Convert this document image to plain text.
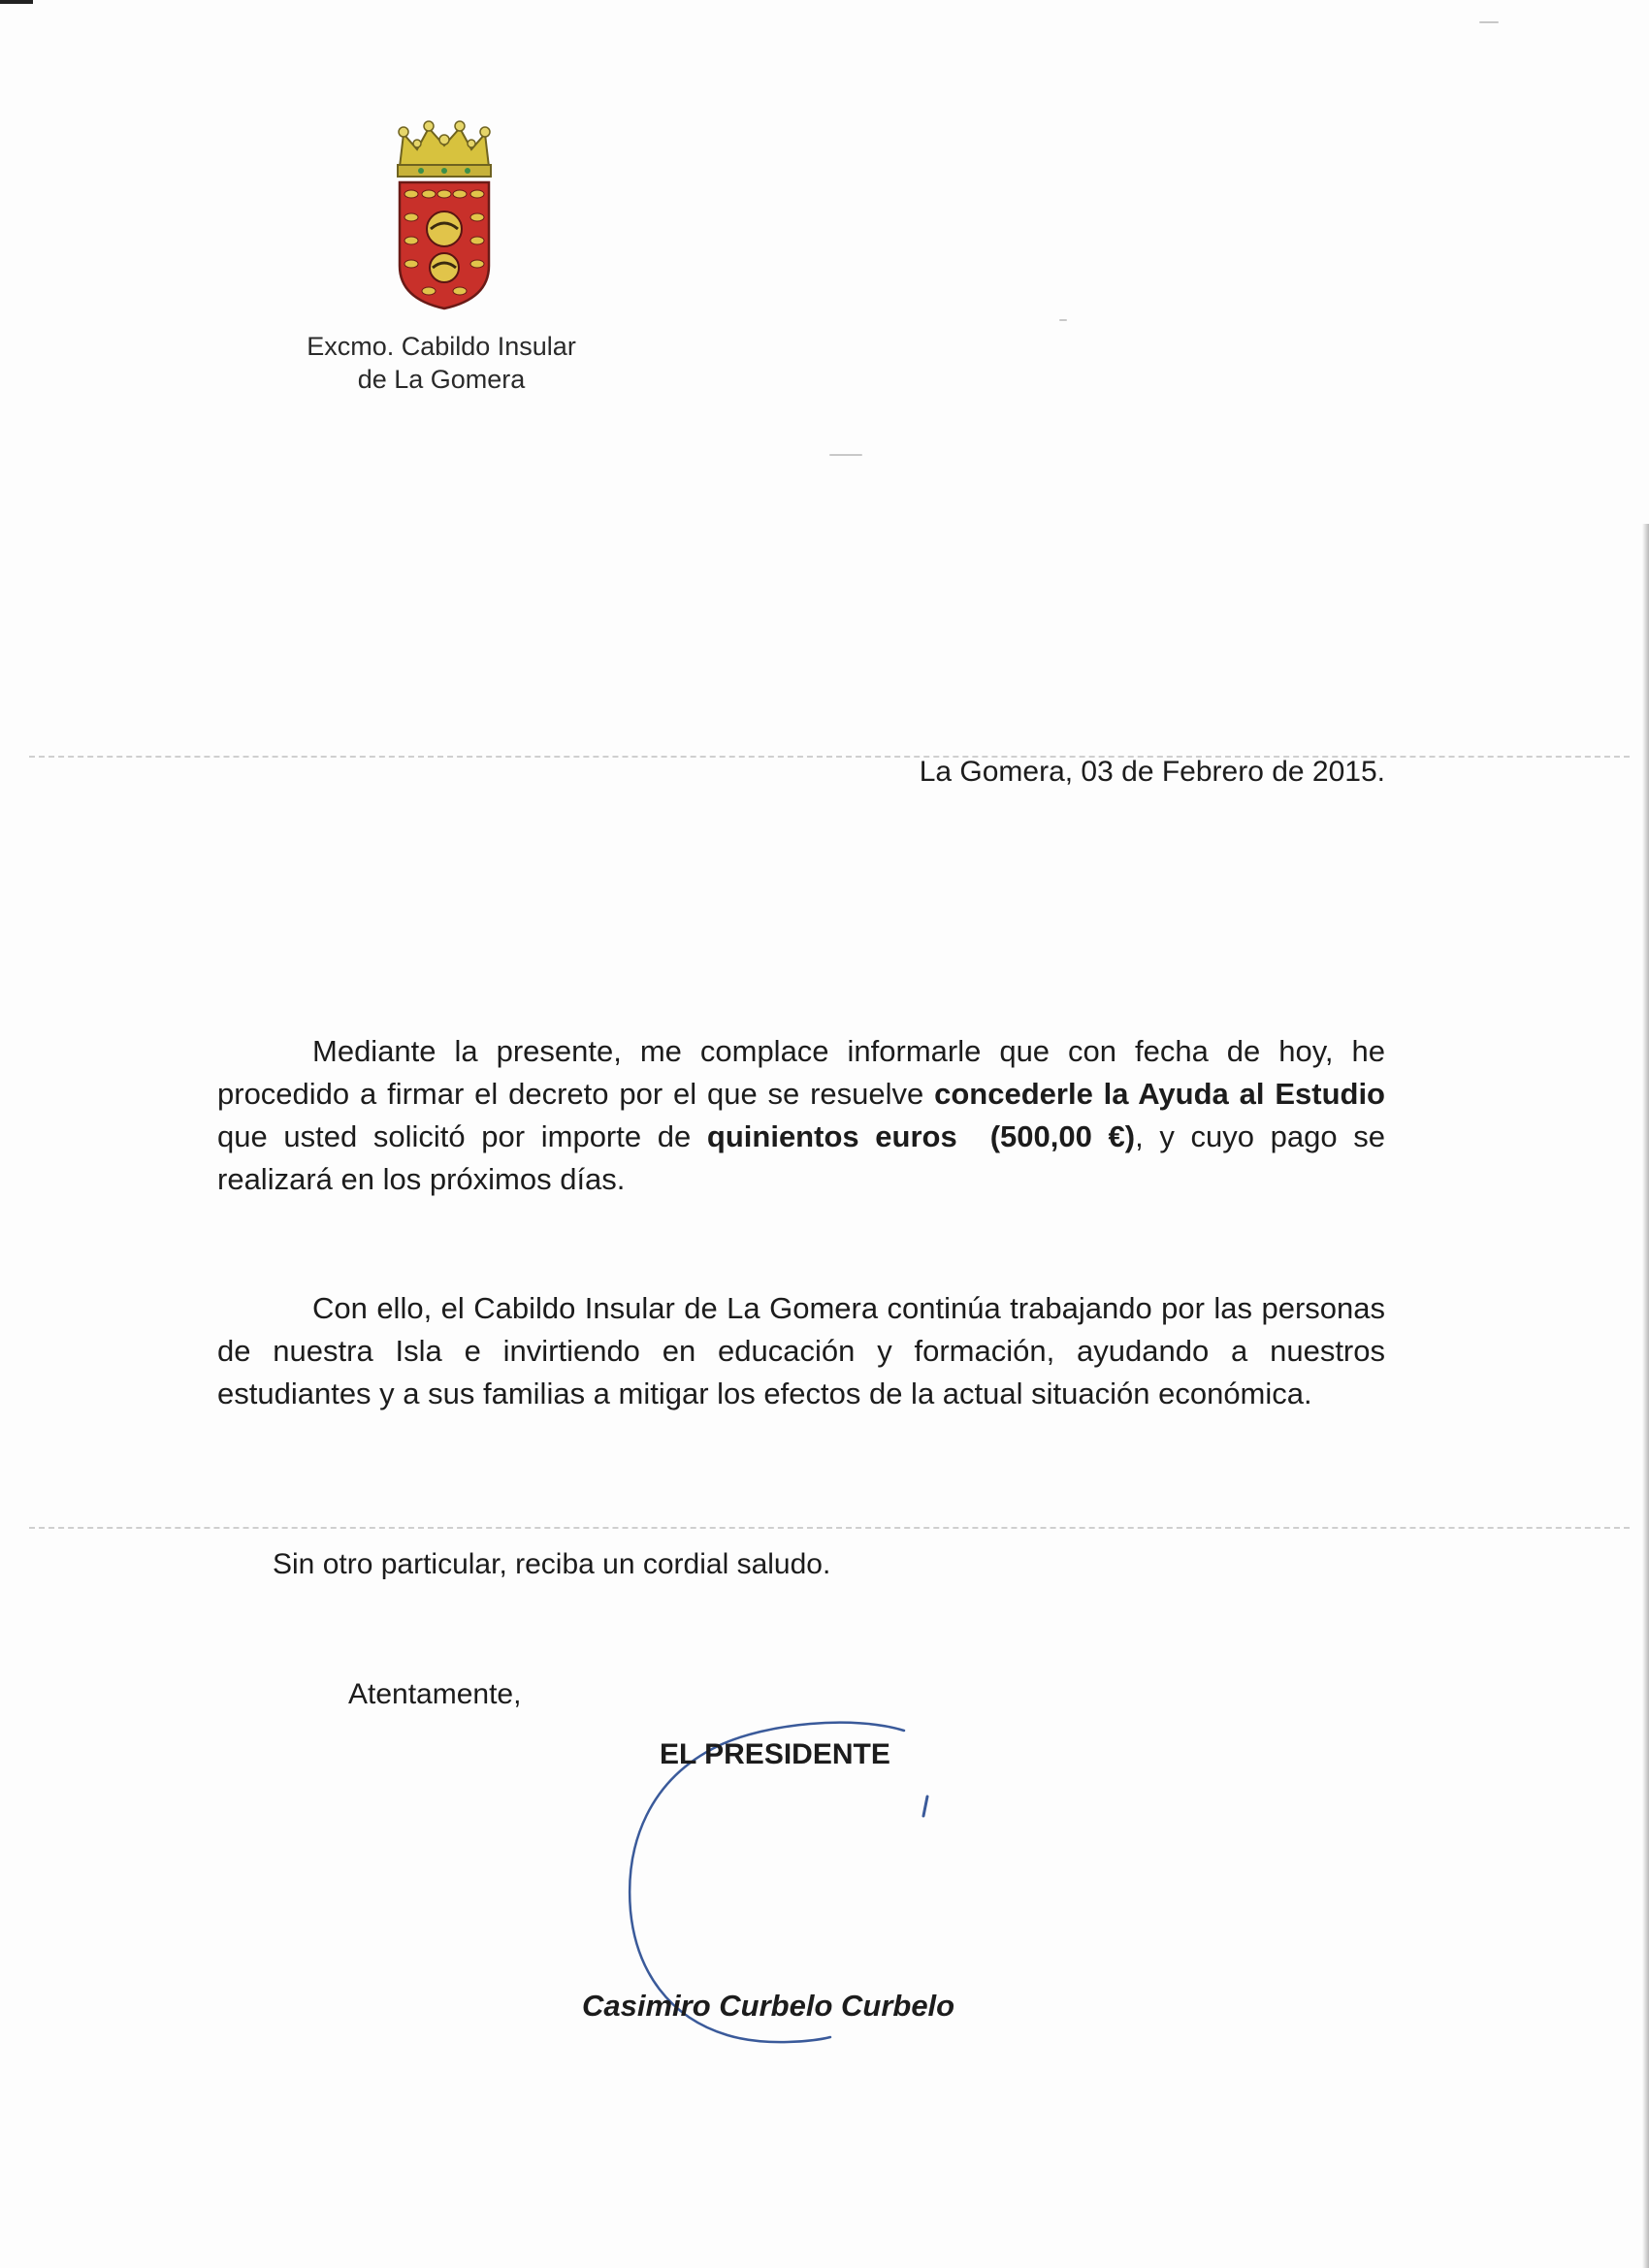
Excmo. Cabildo Insular
de La Gomera
La Gomera, 03 de Febrero de 2015.
Mediante la presente, me complace informarle que con fecha de hoy, he procedido a firmar el decreto por el que se resuelve concederle la Ayuda al Estudio que usted solicitó por importe de quinientos euros (500,00 €), y cuyo pago se realizará en los próximos días.
Con ello, el Cabildo Insular de La Gomera continúa trabajando por las personas de nuestra Isla e invirtiendo en educación y formación, ayudando a nuestros estudiantes y a sus familias a mitigar los efectos de la actual situación económica.
Sin otro particular, reciba un cordial saludo.
Atentamente,
EL PRESIDENTE
Casimiro Curbelo Curbelo
